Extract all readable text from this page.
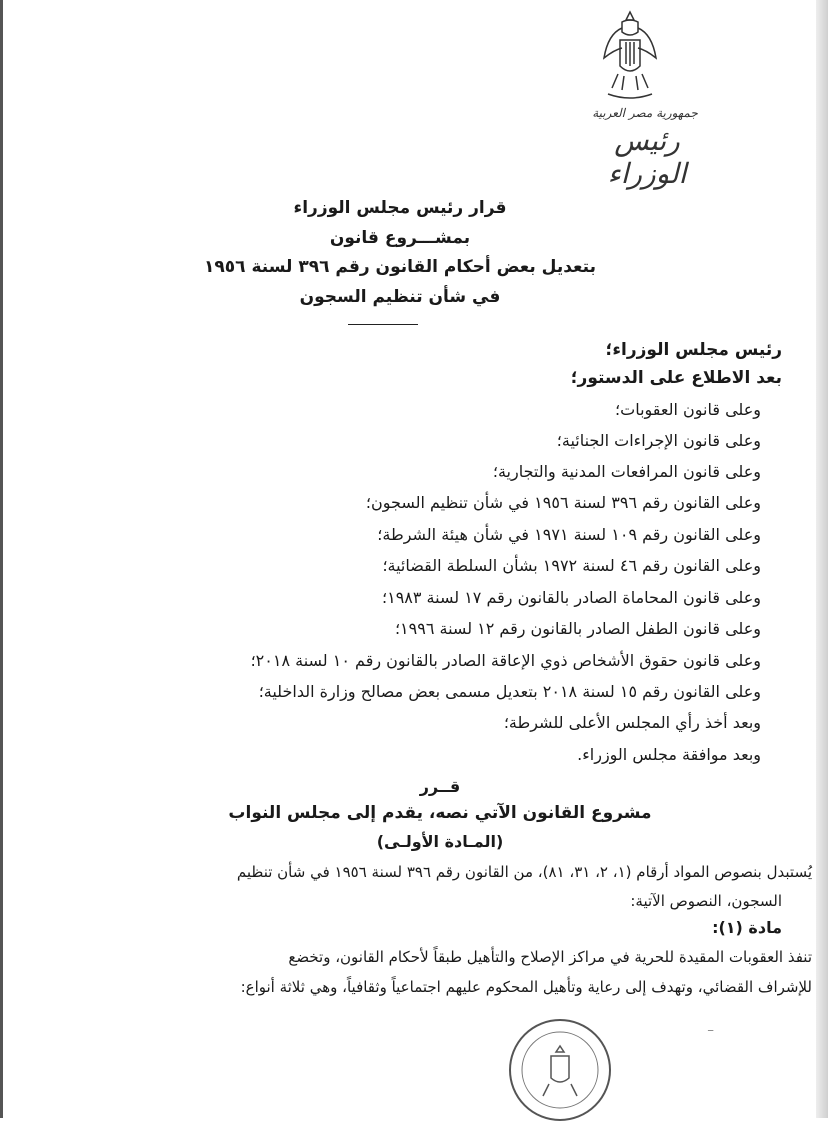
جمهورية مصر العربية
رئيس الوزراء
قرار رئيس مجلس الوزراء
بمشـــروع قانون
بتعديل بعض أحكام القانون رقم ٣٩٦ لسنة ١٩٥٦
في شأن تنظيم السجون
رئيس مجلس الوزراء؛
بعد الاطلاع على الدستور؛
وعلى قانون العقوبات؛
وعلى قانون الإجراءات الجنائية؛
وعلى قانون المرافعات المدنية والتجارية؛
وعلى القانون رقم ٣٩٦ لسنة ١٩٥٦ في شأن تنظيم السجون؛
وعلى القانون رقم ١٠٩ لسنة ١٩٧١ في شأن هيئة الشرطة؛
وعلى القانون رقم ٤٦ لسنة ١٩٧٢ بشأن السلطة القضائية؛
وعلى قانون المحاماة الصادر بالقانون رقم ١٧ لسنة ١٩٨٣؛
وعلى قانون الطفل الصادر بالقانون رقم ١٢ لسنة ١٩٩٦؛
وعلى قانون حقوق الأشخاص ذوي الإعاقة الصادر بالقانون رقم ١٠ لسنة ٢٠١٨؛
وعلى القانون رقم ١٥ لسنة ٢٠١٨ بتعديل مسمى بعض مصالح وزارة الداخلية؛
وبعد أخذ رأي المجلس الأعلى للشرطة؛
وبعد موافقة مجلس الوزراء.
قــرر
مشروع القانون الآتي نصه، يقدم إلى مجلس النواب
(المـادة الأولـى)
يُستبدل بنصوص المواد أرقام (١، ٢، ٣١، ٨١)، من القانون رقم ٣٩٦ لسنة ١٩٥٦ في شأن تنظيم
السجون، النصوص الآتية:
مادة (١):
تنفذ العقوبات المقيدة للحرية في مراكز الإصلاح والتأهيل طبقاً لأحكام القانون، وتخضع
للإشراف القضائي، وتهدف إلى رعاية وتأهيل المحكوم عليهم اجتماعياً وثقافياً، وهي ثلاثة أنواع:
ــ
